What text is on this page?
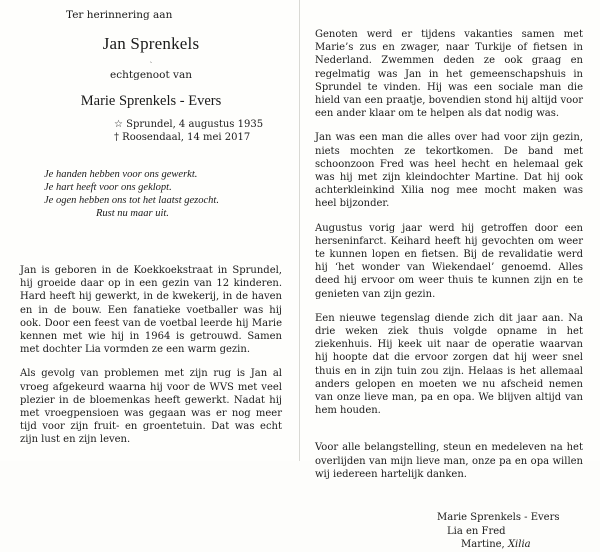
Ter herinnering aan
Jan Sprenkels
ˎ
echtgenoot van
Marie Sprenkels - Evers
☆ Sprundel, 4 augustus 1935
† Roosendaal, 14 mei 2017
Je handen hebben voor ons gewerkt.
Je hart heeft voor ons geklopt.
Je ogen hebben ons tot het laatst gezocht.
Rust nu maar uit.

Jan is geboren in de Koekkoekstraat in Sprundel, hij groeide daar op in een gezin van 12 kinderen. Hard heeft hij gewerkt, in de kwekerij, in de haven en in de bouw. Een fanatieke voetballer was hij ook. Door een feest van de voetbal leerde hij Marie kennen met wie hij in 1964 is getrouwd. Samen met dochter Lia vormden ze een warm gezin.

Als gevolg van problemen met zijn rug is Jan al vroeg afgekeurd waarna hij voor de WVS met veel plezier in de bloemenkas heeft gewerkt. Nadat hij met vroegpensioen was gegaan was er nog meer tijd voor zijn fruit- en groentetuin. Dat was echt zijn lust en zijn leven.

Genoten werd er tijdens vakanties samen met Marie’s zus en zwager, naar Turkije of fietsen in Nederland. Zwemmen deden ze ook graag en regelmatig was Jan in het gemeenschapshuis in Sprundel te vinden. Hij was een sociale man die hield van een praatje, bovendien stond hij altijd voor een ander klaar om te helpen als dat nodig was.

Jan was een man die alles over had voor zijn gezin, niets mochten ze tekortkomen. De band met schoonzoon Fred was heel hecht en helemaal gek was hij met zijn kleindochter Martine. Dat hij ook achterkleinkind Xilia nog mee mocht maken was heel bijzonder.

Augustus vorig jaar werd hij getroffen door een herseninfarct. Keihard heeft hij gevochten om weer te kunnen lopen en fietsen. Bij de revalidatie werd hij ‘het wonder van Wiekendael’ genoemd. Alles deed hij ervoor om weer thuis te kunnen zijn en te genieten van zijn gezin.

Een nieuwe tegenslag diende zich dit jaar aan. Na drie weken ziek thuis volgde opname in het ziekenhuis. Hij keek uit naar de operatie waarvan hij hoopte dat die ervoor zorgen dat hij weer snel thuis en in zijn tuin zou zijn. Helaas is het allemaal anders gelopen en moeten we nu afscheid nemen van onze lieve man, pa en opa. We blijven altijd van hem houden.

Voor alle belangstelling, steun en medeleven na het overlijden van mijn lieve man, onze pa en opa willen wij iedereen hartelijk danken.

Marie Sprenkels - Evers
Lia en Fred
Martine, Xilia
